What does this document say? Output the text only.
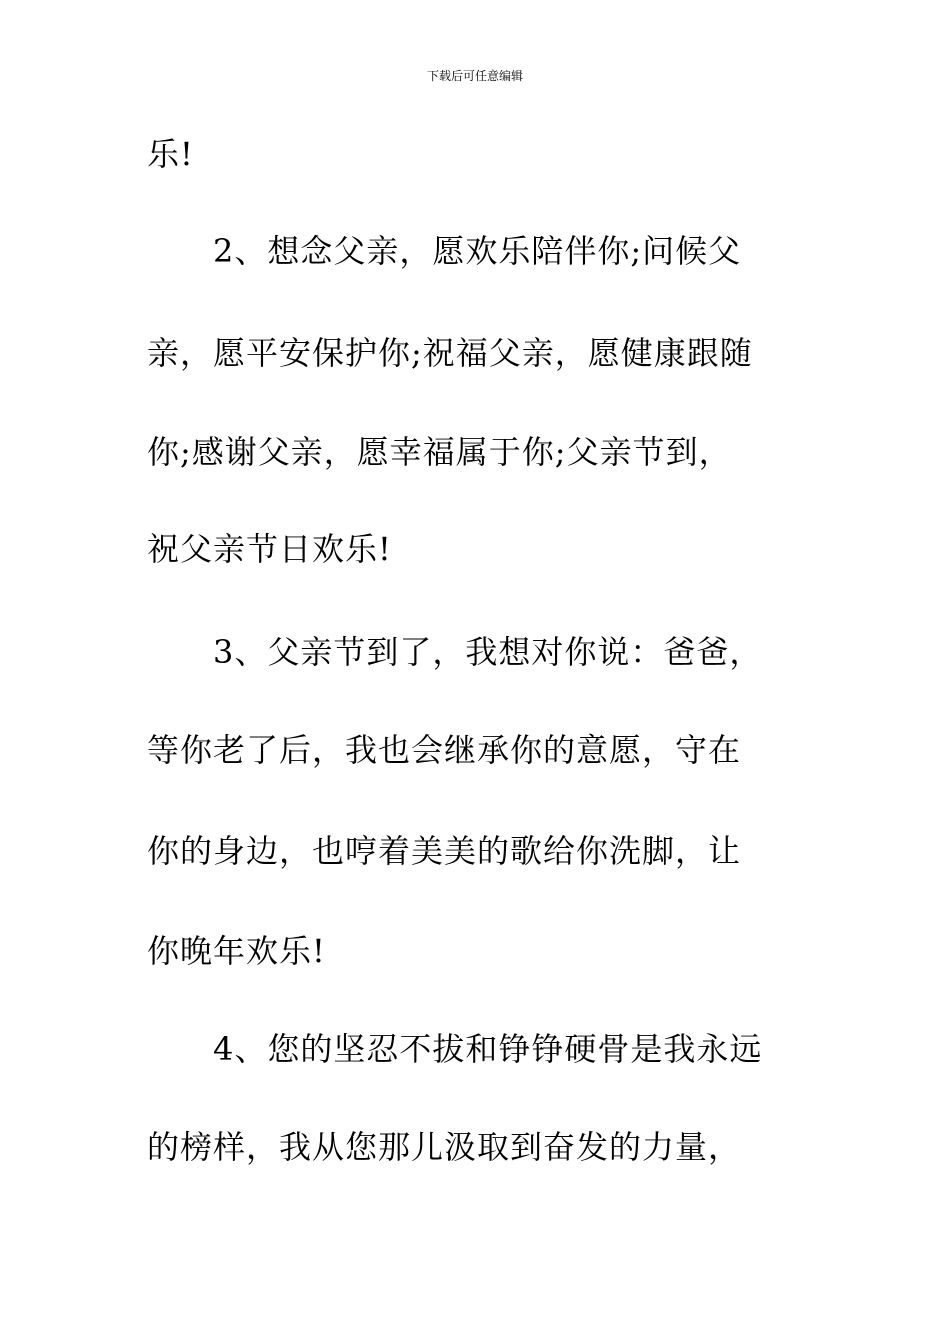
下载后可任意编辑
乐!
2、想念父亲，愿欢乐陪伴你;问候父
亲，愿平安保护你;祝福父亲，愿健康跟随
你;感谢父亲，愿幸福属于你;父亲节到，
祝父亲节日欢乐!
3、父亲节到了，我想对你说：爸爸，
等你老了后，我也会继承你的意愿，守在
你的身边，也哼着美美的歌给你洗脚，让
你晚年欢乐!
4、您的坚忍不拔和铮铮硬骨是我永远
的榜样，我从您那儿汲取到奋发的力量，
